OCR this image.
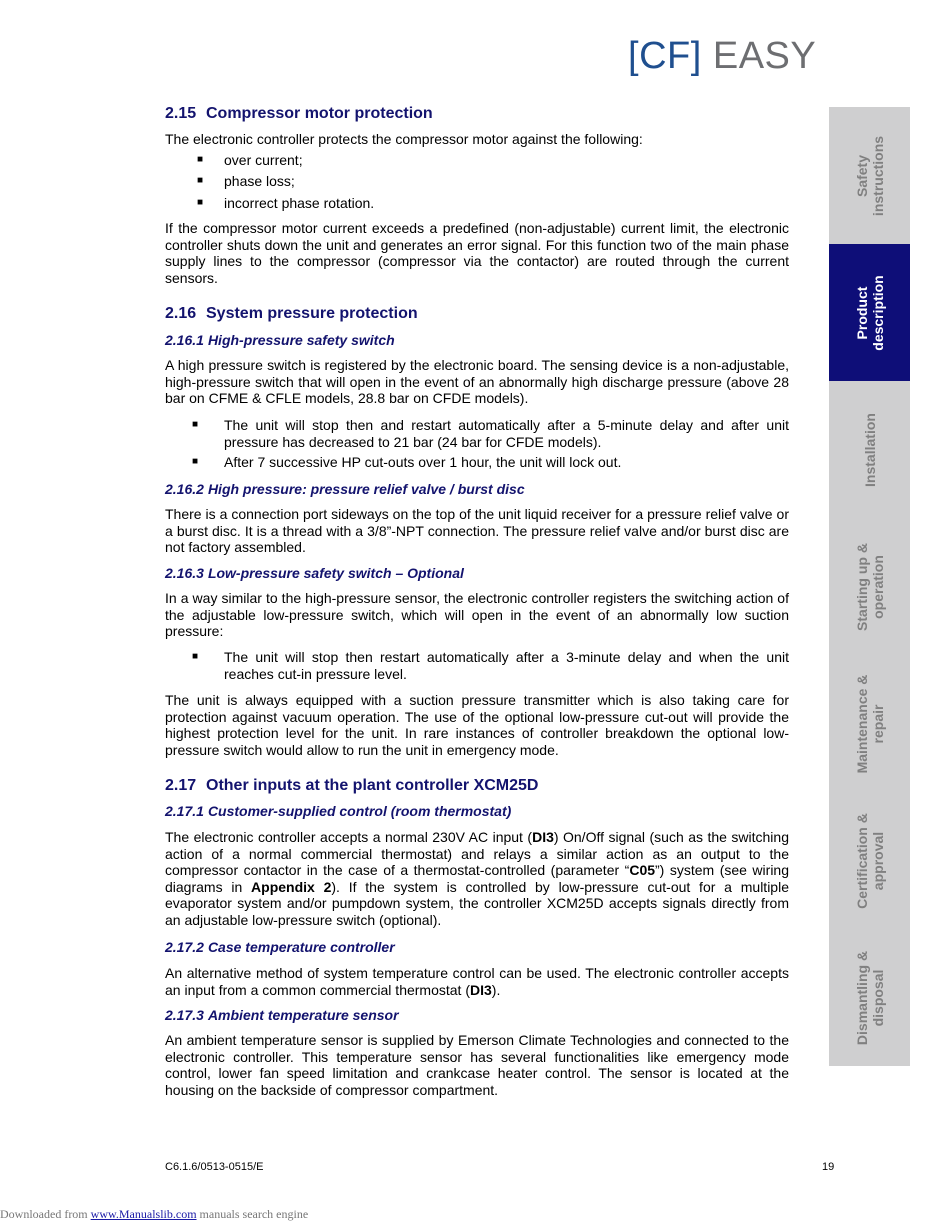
[CF] EASY
2.15 Compressor motor protection

The electronic controller protects the compressor motor against the following:

■ over current;
■ phase loss;
■ incorrect phase rotation.

If the compressor motor current exceeds a predefined (non-adjustable) current limit, the electronic controller shuts down the unit and generates an error signal. For this function two of the main phase supply lines to the compressor (compressor via the contactor) are routed through the current sensors.

2.16 System pressure protection
2.16.1 High-pressure safety switch

A high pressure switch is registered by the electronic board. The sensing device is a non-adjustable, high-pressure switch that will open in the event of an abnormally high discharge pressure (above 28 bar on CFME & CFLE models, 28.8 bar on CFDE models).

■ The unit will stop then and restart automatically after a 5-minute delay and after unit pressure has decreased to 21 bar (24 bar for CFDE models).
■ After 7 successive HP cut-outs over 1 hour, the unit will lock out.
2.16.2 High pressure: pressure relief valve / burst disc

There is a connection port sideways on the top of the unit liquid receiver for a pressure relief valve or a burst disc. It is a thread with a 3/8”-NPT connection. The pressure relief valve and/or burst disc are not factory assembled.

2.16.3 Low-pressure safety switch – Optional

In a way similar to the high-pressure sensor, the electronic controller registers the switching action of the adjustable low-pressure switch, which will open in the event of an abnormally low suction pressure:

■ The unit will stop then restart automatically after a 3-minute delay and when the unit reaches cut-in pressure level.

The unit is always equipped with a suction pressure transmitter which is also taking care for protection against vacuum operation. The use of the optional low-pressure cut-out will provide the highest protection level for the unit. In rare instances of controller breakdown the optional low-pressure switch would allow to run the unit in emergency mode.

2.17 Other inputs at the plant controller XCM25D
2.17.1 Customer-supplied control (room thermostat)

The electronic controller accepts a normal 230V AC input (DI3) On/Off signal (such as the switching action of a normal commercial thermostat) and relays a similar action as an output to the compressor contactor in the case of a thermostat-controlled (parameter “C05”) system (see wiring diagrams in Appendix 2). If the system is controlled by low-pressure cut-out for a multiple evaporator system and/or pumpdown system, the controller XCM25D accepts signals directly from an adjustable low-pressure switch (optional).

2.17.2 Case temperature controller

An alternative method of system temperature control can be used. The electronic controller accepts an input from a common commercial thermostat (DI3).

2.17.3 Ambient temperature sensor

An ambient temperature sensor is supplied by Emerson Climate Technologies and connected to the electronic controller. This temperature sensor has several functionalities like emergency mode control, lower fan speed limitation and crankcase heater control. The sensor is located at the housing on the backside of compressor compartment.

Safety
instructions
Product
description
Installation
Starting up &
operation
Maintenance &
repair
Certification &
approval
Dismantling &
disposal
C6.1.6/0513-0515/E	19
Downloaded from www.Manualslib.com manuals search engine
